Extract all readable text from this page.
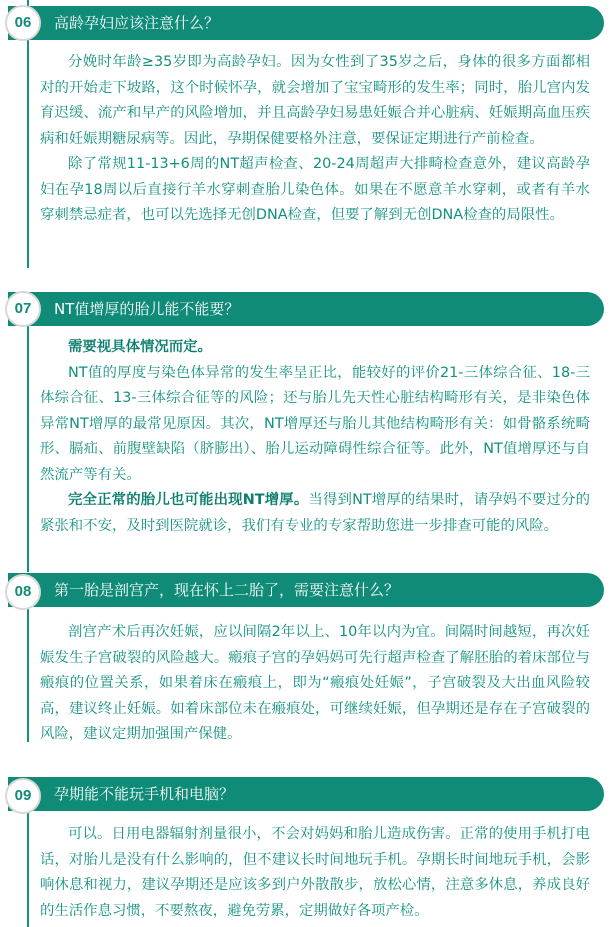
高龄孕妇应该注意什么？
06

分娩时年龄≥35岁即为高龄孕妇。因为女性到了35岁之后，身体的很多方面都相对的开始走下坡路，这个时候怀孕，就会增加了宝宝畸形的发生率；同时，胎儿宫内发育迟缓、流产和早产的风险增加，并且高龄孕妇易患妊娠合并心脏病、妊娠期高血压疾病和妊娠期糖尿病等。因此，孕期保健要格外注意，要保证定期进行产前检查。

除了常规11-13+6周的NT超声检查、20-24周超声大排畸检查意外，建议高龄孕妇在孕18周以后直接行羊水穿刺查胎儿染色体。如果在不愿意羊水穿刺，或者有羊水穿刺禁忌症者，也可以先选择无创DNA检查，但要了解到无创DNA检查的局限性。

NT值增厚的胎儿能不能要？
07

需要视具体情况而定。

NT值的厚度与染色体异常的发生率呈正比，能较好的评价21-三体综合征、18-三体综合征、13-三体综合征等的风险；还与胎儿先天性心脏结构畸形有关，是非染色体异常NT增厚的最常见原因。其次，NT增厚还与胎儿其他结构畸形有关：如骨骼系统畸形、膈疝、前腹壁缺陷（脐膨出）、胎儿运动障碍性综合征等。此外，NT值增厚还与自然流产等有关。

完全正常的胎儿也可能出现NT增厚。当得到NT增厚的结果时，请孕妈不要过分的紧张和不安，及时到医院就诊，我们有专业的专家帮助您进一步排查可能的风险。

第一胎是剖宫产，现在怀上二胎了，需要注意什么？
08

剖宫产术后再次妊娠，应以间隔2年以上、10年以内为宜。间隔时间越短，再次妊娠发生子宫破裂的风险越大。瘢痕子宫的孕妈妈可先行超声检查了解胚胎的着床部位与瘢痕的位置关系，如果着床在瘢痕上，即为“瘢痕处妊娠”，子宫破裂及大出血风险较高，建议终止妊娠。如着床部位未在瘢痕处，可继续妊娠，但孕期还是存在子宫破裂的风险，建议定期加强围产保健。

孕期能不能玩手机和电脑？
09

可以。日用电器辐射剂量很小，不会对妈妈和胎儿造成伤害。正常的使用手机打电话，对胎儿是没有什么影响的，但不建议长时间地玩手机。孕期长时间地玩手机，会影响休息和视力，建议孕期还是应该多到户外散散步，放松心情，注意多休息，养成良好的生活作息习惯，不要熬夜，避免劳累，定期做好各项产检。
